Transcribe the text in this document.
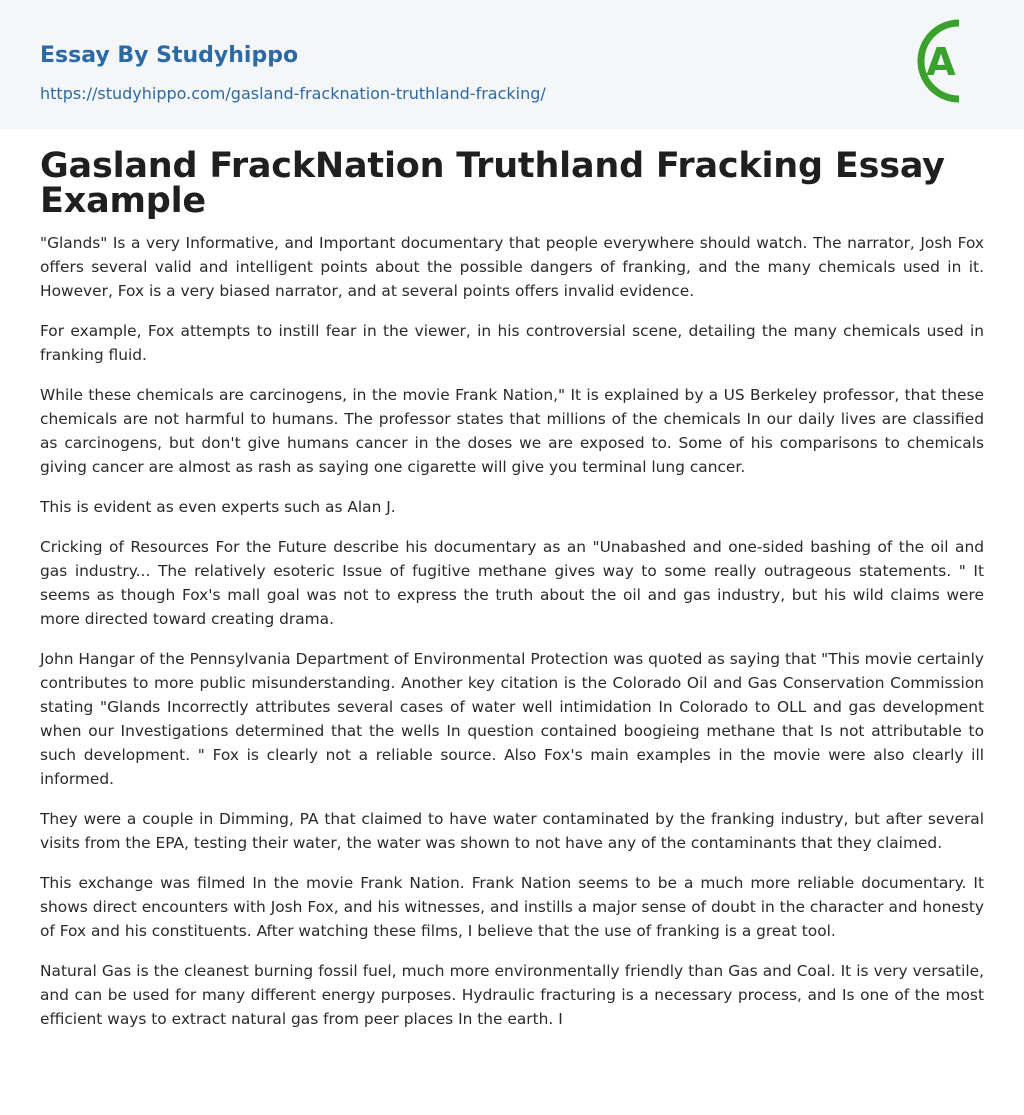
Essay By Studyhippo
https://studyhippo.com/gasland-fracknation-truthland-fracking/
A
Gasland FrackNation Truthland Fracking Essay Example

"Glands" Is a very Informative, and Important documentary that people everywhere should watch. The narrator, Josh Fox offers several valid and intelligent points about the possible dangers of franking, and the many chemicals used in it. However, Fox is a very biased narrator, and at several points offers invalid evidence.

For example, Fox attempts to instill fear in the viewer, in his controversial scene, detailing the many chemicals used in franking fluid.

While these chemicals are carcinogens, in the movie Frank Nation," It is explained by a US Berkeley professor, that these chemicals are not harmful to humans. The professor states that millions of the chemicals In our daily lives are classified as carcinogens, but don't give humans cancer in the doses we are exposed to. Some of his comparisons to chemicals giving cancer are almost as rash as saying one cigarette will give you terminal lung cancer.

This is evident as even experts such as Alan J.

Cricking of Resources For the Future describe his documentary as an "Unabashed and one-sided bashing of the oil and gas industry... The relatively esoteric Issue of fugitive methane gives way to some really outrageous statements. " It seems as though Fox's mall goal was not to express the truth about the oil and gas industry, but his wild claims were more directed toward creating drama.

John Hangar of the Pennsylvania Department of Environmental Protection was quoted as saying that "This movie certainly contributes to more public misunderstanding. Another key citation is the Colorado Oil and Gas Conservation Commission stating "Glands Incorrectly attributes several cases of water well intimidation In Colorado to OLL and gas development when our Investigations determined that the wells In question contained boogieing methane that Is not attributable to such development. " Fox is clearly not a reliable source. Also Fox's main examples in the movie were also clearly ill informed.

They were a couple in Dimming, PA that claimed to have water contaminated by the franking industry, but after several visits from the EPA, testing their water, the water was shown to not have any of the contaminants that they claimed.

This exchange was filmed In the movie Frank Nation. Frank Nation seems to be a much more reliable documentary. It shows direct encounters with Josh Fox, and his witnesses, and instills a major sense of doubt in the character and honesty of Fox and his constituents. After watching these films, I believe that the use of franking is a great tool.

Natural Gas is the cleanest burning fossil fuel, much more environmentally friendly than Gas and Coal. It is very versatile, and can be used for many different energy purposes. Hydraulic fracturing is a necessary process, and Is one of the most efficient ways to extract natural gas from peer places In the earth. I
